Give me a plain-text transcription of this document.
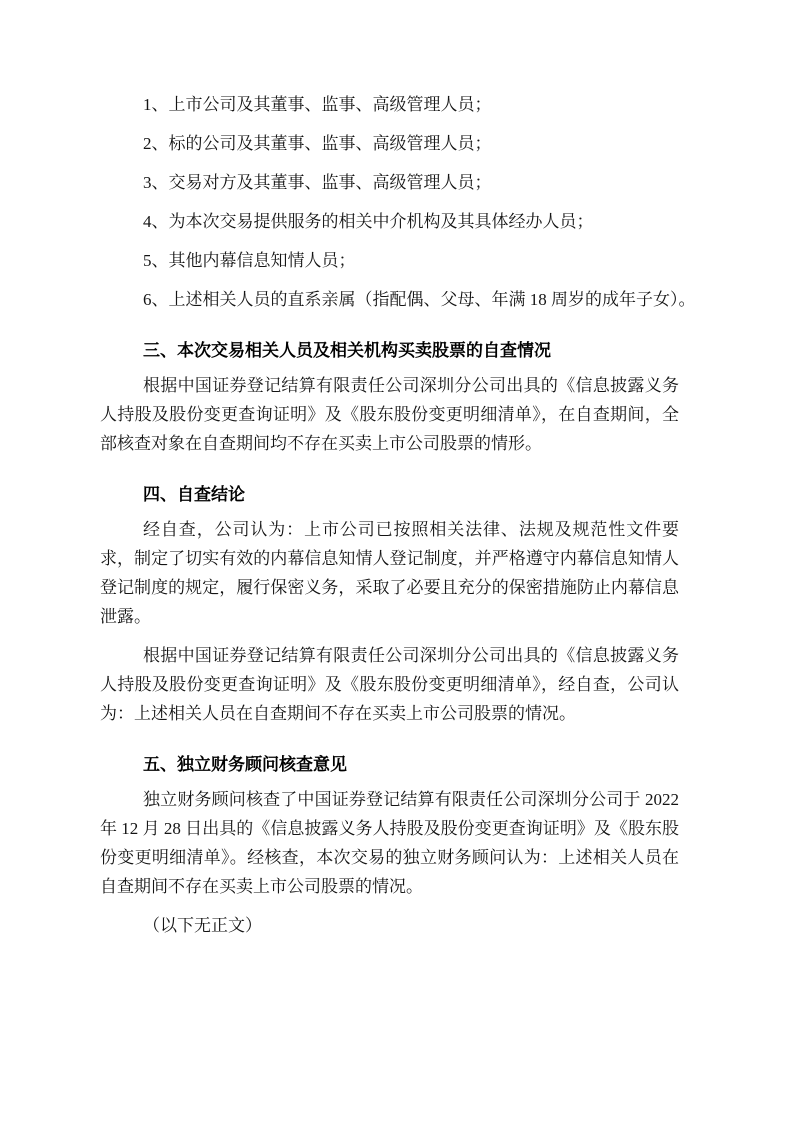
1、上市公司及其董事、监事、高级管理人员；

2、标的公司及其董事、监事、高级管理人员；

3、交易对方及其董事、监事、高级管理人员；

4、为本次交易提供服务的相关中介机构及其具体经办人员；

5、其他内幕信息知情人员；

6、上述相关人员的直系亲属（指配偶、父母、年满 18 周岁的成年子女）。

三、本次交易相关人员及相关机构买卖股票的自查情况

根据中国证券登记结算有限责任公司深圳分公司出具的《信息披露义务人持股及股份变更查询证明》及《股东股份变更明细清单》，在自查期间，全部核查对象在自查期间均不存在买卖上市公司股票的情形。

四、自查结论

经自查，公司认为：上市公司已按照相关法律、法规及规范性文件要求，制定了切实有效的内幕信息知情人登记制度，并严格遵守内幕信息知情人登记制度的规定，履行保密义务，采取了必要且充分的保密措施防止内幕信息泄露。

根据中国证券登记结算有限责任公司深圳分公司出具的《信息披露义务人持股及股份变更查询证明》及《股东股份变更明细清单》，经自查，公司认为：上述相关人员在自查期间不存在买卖上市公司股票的情况。

五、独立财务顾问核查意见

独立财务顾问核查了中国证券登记结算有限责任公司深圳分公司于 2022 年 12 月 28 日出具的《信息披露义务人持股及股份变更查询证明》及《股东股份变更明细清单》。经核查，本次交易的独立财务顾问认为：上述相关人员在自查期间不存在买卖上市公司股票的情况。

（以下无正文）
